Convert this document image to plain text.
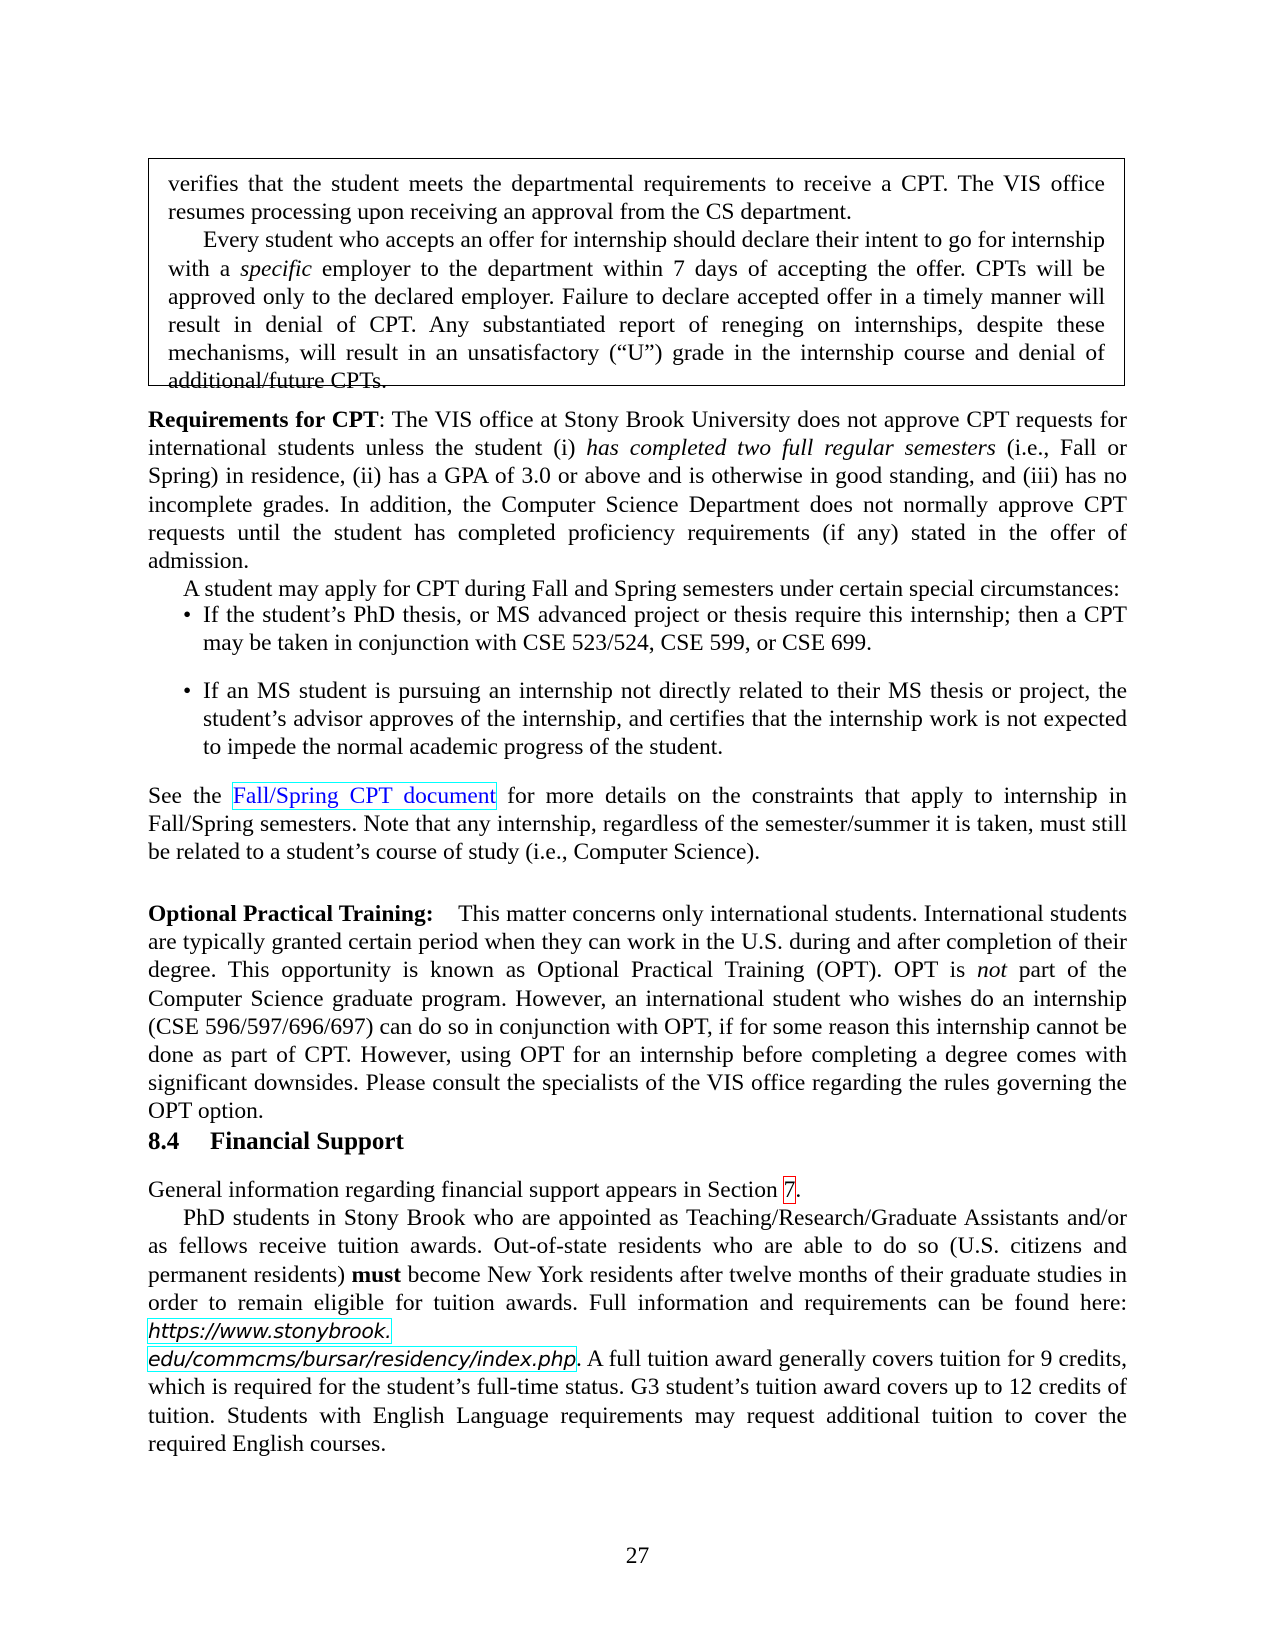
verifies that the student meets the departmental requirements to receive a CPT. The VIS office resumes processing upon receiving an approval from the CS department.

Every student who accepts an offer for internship should declare their intent to go for internship with a specific employer to the department within 7 days of accepting the offer. CPTs will be approved only to the declared employer. Failure to declare accepted offer in a timely manner will result in denial of CPT. Any substantiated report of reneging on internships, despite these mechanisms, will result in an unsatisfactory (“U”) grade in the internship course and denial of additional/future CPTs.

Requirements for CPT: The VIS office at Stony Brook University does not approve CPT requests for international students unless the student (i) has completed two full regular semesters (i.e., Fall or Spring) in residence, (ii) has a GPA of 3.0 or above and is otherwise in good standing, and (iii) has no incomplete grades. In addition, the Computer Science Department does not normally approve CPT requests until the student has completed proficiency requirements (if any) stated in the offer of admission.

A student may apply for CPT during Fall and Spring semesters under certain special circumstances:

• If the student’s PhD thesis, or MS advanced project or thesis require this internship; then a CPT may be taken in conjunction with CSE 523/524, CSE 599, or CSE 699.
• If an MS student is pursuing an internship not directly related to their MS thesis or project, the student’s advisor approves of the internship, and certifies that the internship work is not expected to impede the normal academic progress of the student.

See the Fall/Spring CPT document for more details on the constraints that apply to internship in Fall/Spring semesters. Note that any internship, regardless of the semester/summer it is taken, must still be related to a student’s course of study (i.e., Computer Science).

Optional Practical Training: This matter concerns only international students. International students are typically granted certain period when they can work in the U.S. during and after completion of their degree. This opportunity is known as Optional Practical Training (OPT). OPT is not part of the Computer Science graduate program. However, an international student who wishes do an internship (CSE 596/597/696/697) can do so in conjunction with OPT, if for some reason this internship cannot be done as part of CPT. However, using OPT for an internship before completing a degree comes with significant downsides. Please consult the specialists of the VIS office regarding the rules governing the OPT option.

8.4 Financial Support

General information regarding financial support appears in Section 7.

PhD students in Stony Brook who are appointed as Teaching/Research/Graduate Assistants and/or as fellows receive tuition awards. Out-of-state residents who are able to do so (U.S. citizens and permanent residents) must become New York residents after twelve months of their graduate studies in order to remain eligible for tuition awards. Full information and requirements can be found here: https://www.stonybrook.
edu/commcms/bursar/residency/index.php. A full tuition award generally covers tuition for 9 credits, which is required for the student’s full-time status. G3 student’s tuition award covers up to 12 credits of tuition. Students with English Language requirements may request additional tuition to cover the required English courses.

27
